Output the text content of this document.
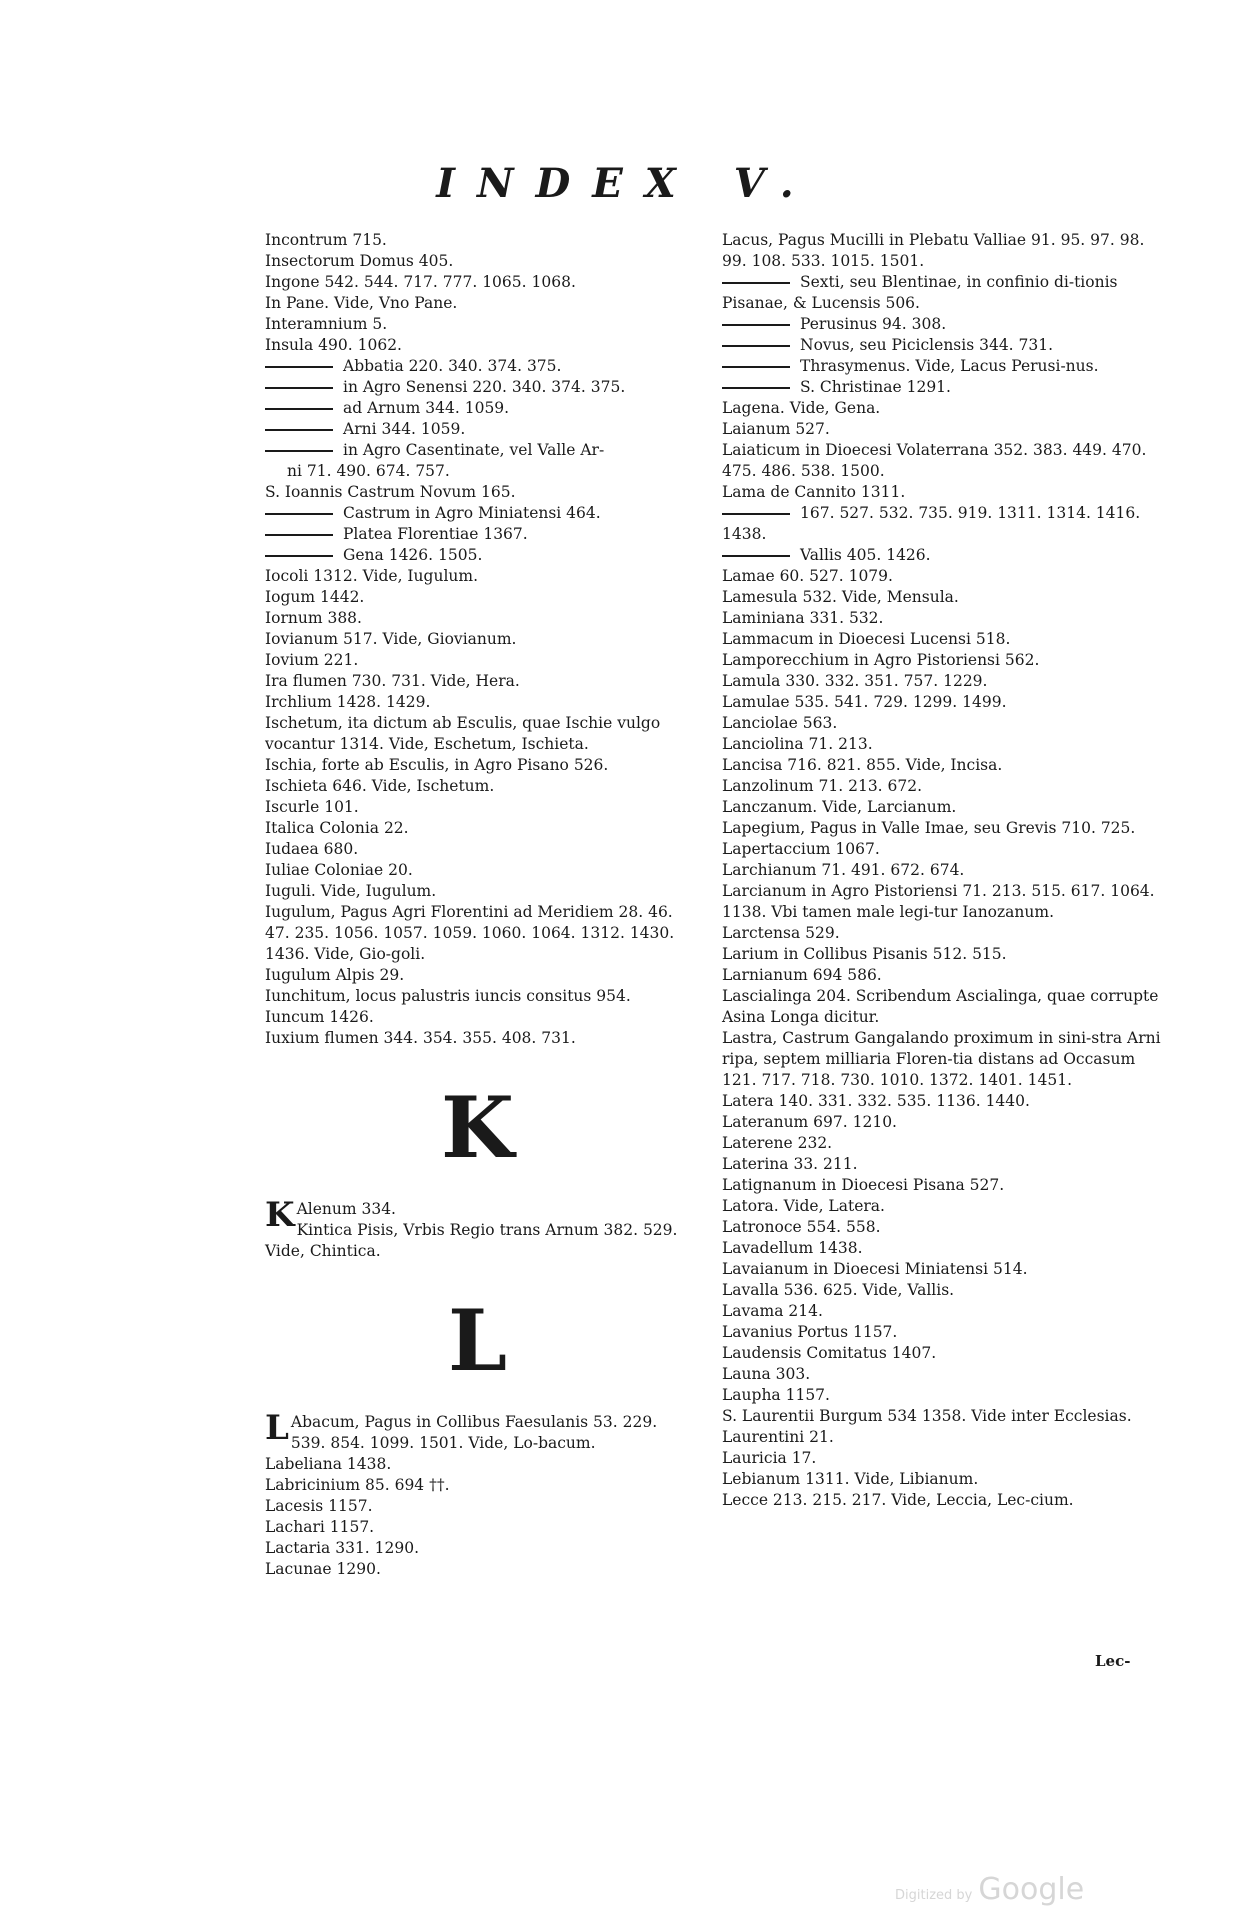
INDEX V.
Incontrum 715.
Insectorum Domus 405.
Ingone 542. 544. 717. 777. 1065. 1068.
In Pane. Vide, Vno Pane.
Interamnium 5.
Insula 490. 1062.
Abbatia 220. 340. 374. 375.
in Agro Senensi 220. 340. 374. 375.
ad Arnum 344. 1059.
Arni 344. 1059.
in Agro Casentinate, vel Valle Ar-
ni 71. 490. 674. 757.
S. Ioannis Castrum Novum 165.
Castrum in Agro Miniatensi 464.
Platea Florentiae 1367.
Gena 1426. 1505.
Iocoli 1312. Vide, Iugulum.
Iogum 1442.
Iornum 388.
Iovianum 517. Vide, Giovianum.
Iovium 221.
Ira flumen 730. 731. Vide, Hera.
Irchlium 1428. 1429.
Ischetum, ita dictum ab Esculis, quae Ischie vulgo vocantur 1314. Vide, Eschetum, Ischieta.
Ischia, forte ab Esculis, in Agro Pisano 526.
Ischieta 646. Vide, Ischetum.
Iscurle 101.
Italica Colonia 22.
Iudaea 680.
Iuliae Coloniae 20.
Iuguli. Vide, Iugulum.
Iugulum, Pagus Agri Florentini ad Meridiem 28. 46. 47. 235. 1056. 1057. 1059. 1060. 1064. 1312. 1430. 1436. Vide, Gio-goli.
Iugulum Alpis 29.
Iunchitum, locus palustris iuncis consitus 954.
Iuncum 1426.
Iuxium flumen 344. 354. 355. 408. 731.
K
K Alenum 334.
Kintica Pisis, Vrbis Regio trans Arnum 382. 529. Vide, Chintica.
L
L Abacum, Pagus in Collibus Faesulanis 53. 229. 539. 854. 1099. 1501. Vide, Lo-bacum.
Labeliana 1438.
Labricinium 85. 694 ††.
Lacesis 1157.
Lachari 1157.
Lactaria 331. 1290.
Lacunae 1290.
Lacus, Pagus Mucilli in Plebatu Valliae 91. 95. 97. 98. 99. 108. 533. 1015. 1501.
Sexti, seu Blentinae, in confinio di-tionis Pisanae, & Lucensis 506.
Perusinus 94. 308.
Novus, seu Piciclensis 344. 731.
Thrasymenus. Vide, Lacus Perusi-nus.
S. Christinae 1291.
Lagena. Vide, Gena.
Laianum 527.
Laiaticum in Dioecesi Volaterrana 352. 383. 449. 470. 475. 486. 538. 1500.
Lama de Cannito 1311.
167. 527. 532. 735. 919. 1311. 1314. 1416. 1438.
Vallis 405. 1426.
Lamae 60. 527. 1079.
Lamesula 532. Vide, Mensula.
Laminiana 331. 532.
Lammacum in Dioecesi Lucensi 518.
Lamporecchium in Agro Pistoriensi 562.
Lamula 330. 332. 351. 757. 1229.
Lamulae 535. 541. 729. 1299. 1499.
Lanciolae 563.
Lanciolina 71. 213.
Lancisa 716. 821. 855. Vide, Incisa.
Lanzolinum 71. 213. 672.
Lanczanum. Vide, Larcianum.
Lapegium, Pagus in Valle Imae, seu Grevis 710. 725.
Lapertaccium 1067.
Larchianum 71. 491. 672. 674.
Larcianum in Agro Pistoriensi 71. 213. 515. 617. 1064. 1138. Vbi tamen male legi-tur Ianozanum.
Larctensa 529.
Larium in Collibus Pisanis 512. 515.
Larnianum 694 586.
Lascialinga 204. Scribendum Ascialinga, quae corrupte Asina Longa dicitur.
Lastra, Castrum Gangalando proximum in sini-stra Arni ripa, septem milliaria Floren-tia distans ad Occasum 121. 717. 718. 730. 1010. 1372. 1401. 1451.
Latera 140. 331. 332. 535. 1136. 1440.
Lateranum 697. 1210.
Laterene 232.
Laterina 33. 211.
Latignanum in Dioecesi Pisana 527.
Latora. Vide, Latera.
Latronoce 554. 558.
Lavadellum 1438.
Lavaianum in Dioecesi Miniatensi 514.
Lavalla 536. 625. Vide, Vallis.
Lavama 214.
Lavanius Portus 1157.
Laudensis Comitatus 1407.
Launa 303.
Laupha 1157.
S. Laurentii Burgum 534 1358. Vide inter Ecclesias.
Laurentini 21.
Lauricia 17.
Lebianum 1311. Vide, Libianum.
Lecce 213. 215. 217. Vide, Leccia, Lec-cium.
Lec-
Digitized by Google
